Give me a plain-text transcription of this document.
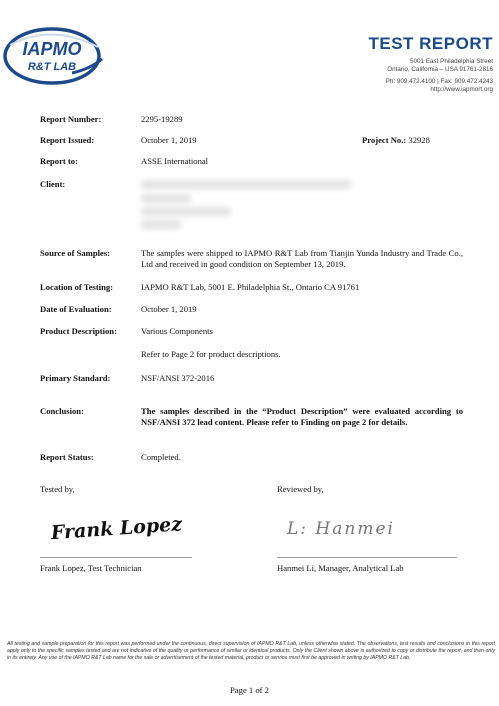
IAPMO
R&T LAB
TEST REPORT
5001 East Philadelphia Street
Ontario, California – USA 91761-2816
Ph: 909.472.4100 | Fax: 909.472.4243
http://www.iapmort.org
Report Number:	2295-19289
Report Issued:	October 1, 2019	Project No.: 32928
Report to:	ASSE International
Client:
Source of Samples:	The samples were shipped to IAPMO R&T Lab from Tianjin Yunda Industry and Trade Co., Ltd and received in good condition on September 13, 2019.
Location of Testing:	IAPMO R&T Lab, 5001 E. Philadelphia St., Ontario CA 91761
Date of Evaluation:	October 1, 2019
Product Description:	Various Components
Refer to Page 2 for product descriptions.
Primary Standard:	NSF/ANSI 372-2016
Conclusion:	The samples described in the “Product Description” were evaluated according to NSF/ANSI 372 lead content. Please refer to Finding on page 2 for details.
Report Status:	Completed.
Tested by,	Reviewed by,
Frank Lopez	L: Hanmei
Frank Lopez, Test Technician	Hanmei Li, Manager, Analytical Lab
All testing and sample preparation for this report was performed under the continuous, direct supervision of IAPMO R&T Lab, unless otherwise stated. The observations, test results and conclusions in this report apply only to the specific samples tested and are not indicative of the quality or performance of similar or identical products. Only the Client shown above is authorized to copy or distribute the report, and then only in its entirety. Any use of the IAPMO R&T Lab name for the sale or advertisement of the tested material, product or service must first be approved in writing by IAPMO R&T Lab.
Page 1 of 2
